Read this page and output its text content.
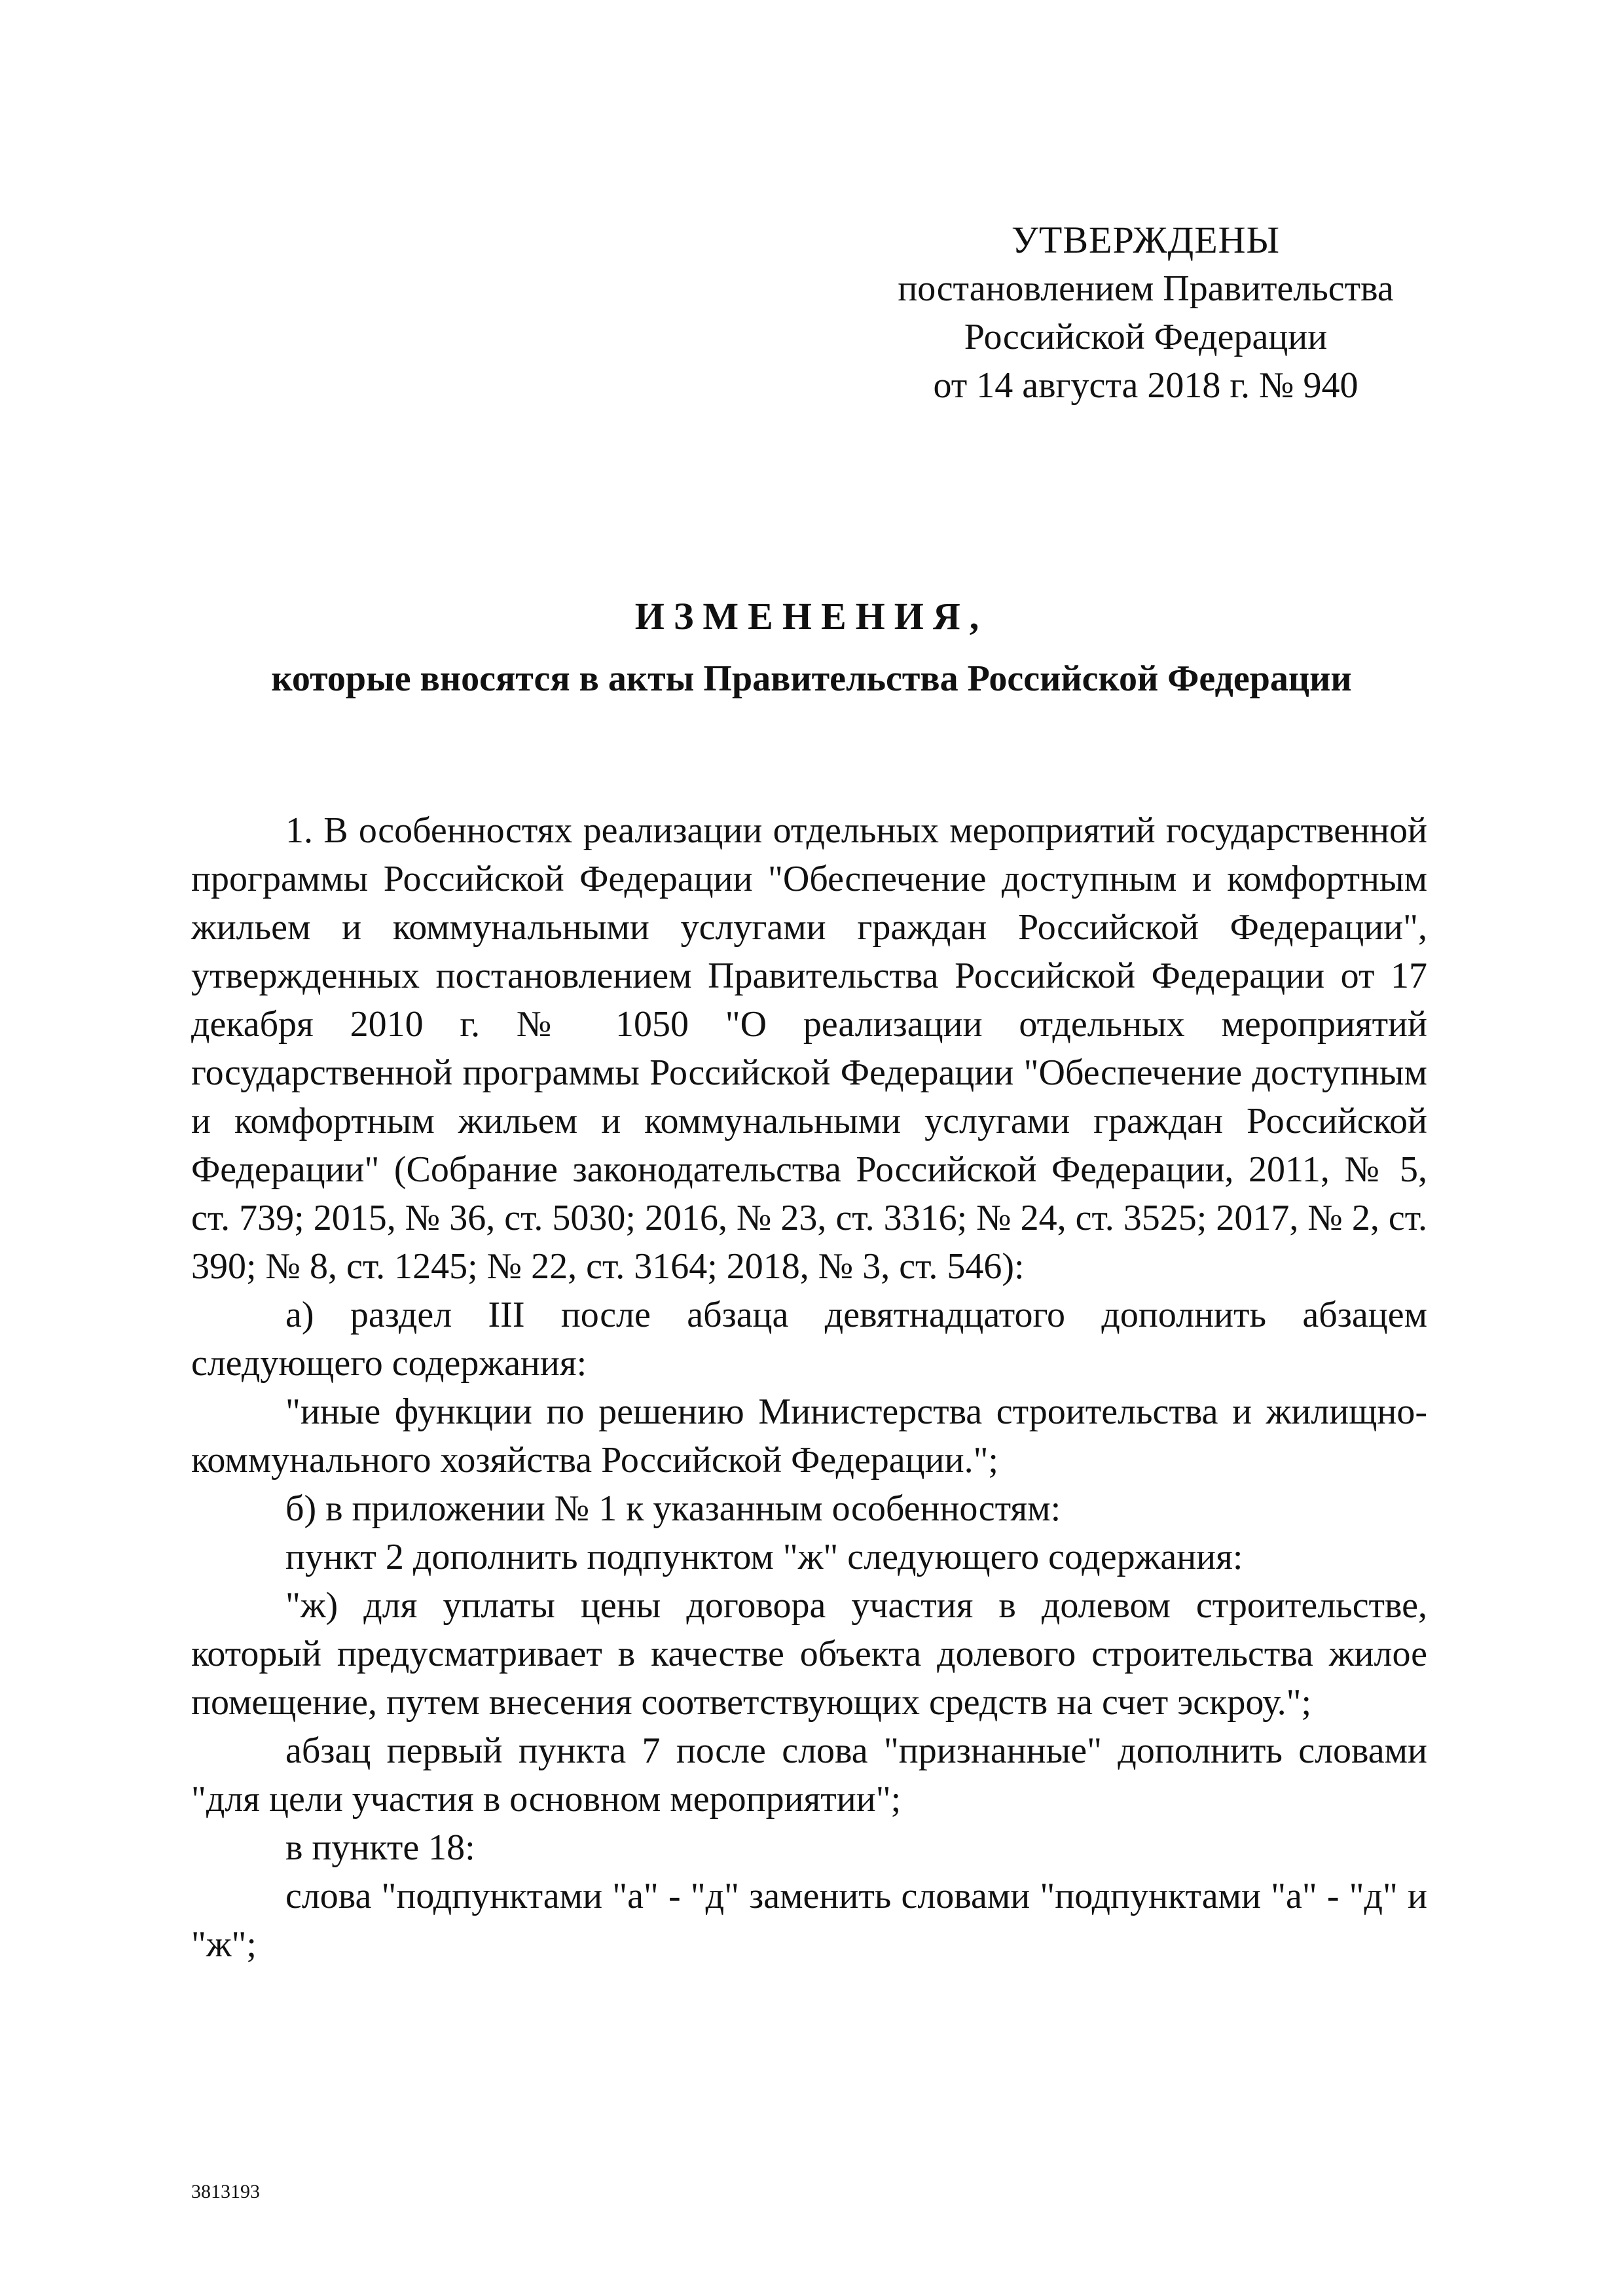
УТВЕРЖДЕНЫ
постановлением Правительства
Российской Федерации
от 14 августа 2018 г. № 940
ИЗМЕНЕНИЯ,
которые вносятся в акты Правительства Российской Федерации

1. В особенностях реализации отдельных мероприятий государственной программы Российской Федерации "Обеспечение доступным и комфортным жильем и коммунальными услугами граждан Российской Федерации", утвержденных постановлением Правительства Российской Федерации от 17 декабря 2010 г. № 1050 "О реализации отдельных мероприятий государственной программы Российской Федерации "Обеспечение доступным и комфортным жильем и коммунальными услугами граждан Российской Федерации" (Собрание законодательства Российской Федерации, 2011, № 5, ст. 739; 2015, № 36, ст. 5030; 2016, № 23, ст. 3316; № 24, ст. 3525; 2017, № 2, ст. 390; № 8, ст. 1245; № 22, ст. 3164; 2018, № 3, ст. 546):

а) раздел III после абзаца девятнадцатого дополнить абзацем следующего содержания:

"иные функции по решению Министерства строительства и жилищно-коммунального хозяйства Российской Федерации.";

б) в приложении № 1 к указанным особенностям:

пункт 2 дополнить подпунктом "ж" следующего содержания:

"ж) для уплаты цены договора участия в долевом строительстве, который предусматривает в качестве объекта долевого строительства жилое помещение, путем внесения соответствующих средств на счет эскроу.";

абзац первый пункта 7 после слова "признанные" дополнить словами "для цели участия в основном мероприятии";

в пункте 18:

слова "подпунктами "а" - "д" заменить словами "подпунктами "а" - "д" и "ж";

3813193
